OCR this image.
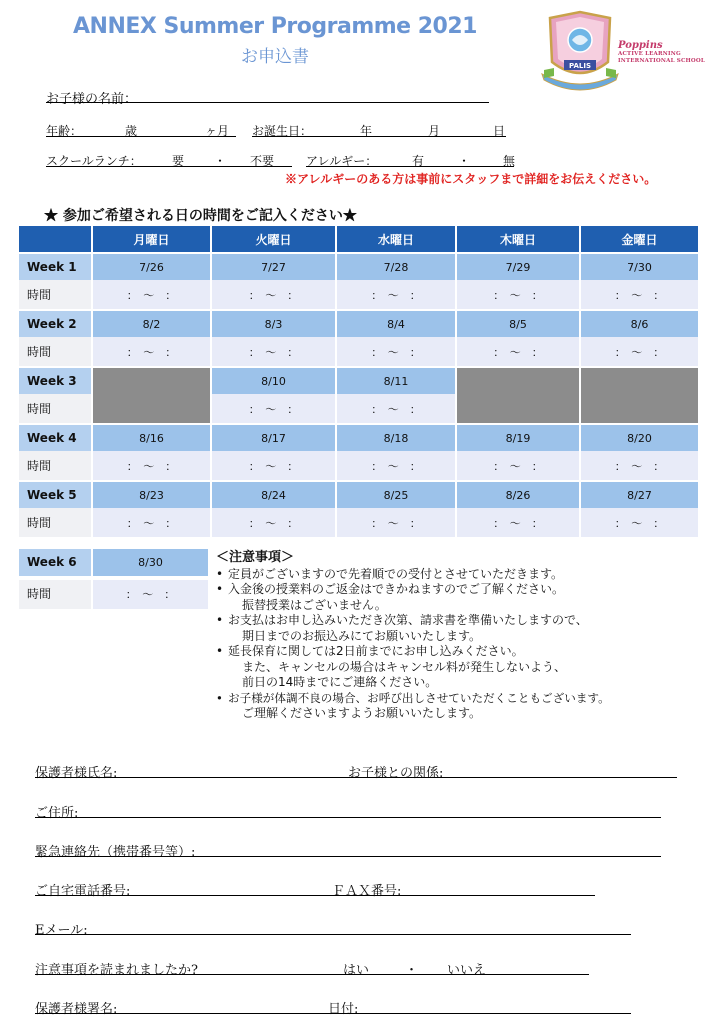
ANNEX Summer Programme 2021
お申込書	PALIS
Poppins
ACTIVE LEARNING
INTERNATIONAL SCHOOL
お子様の名前：
年齢：	歳	ヶ月 お誕生日：	年	月	日
スクールランチ：	要 ・ 不要	アレルギー：	有	・	無
※アレルギーのある方は事前にスタッフまで詳細をお伝えください。
★ 参加ご希望される日の時間をご記入ください★
	月曜日	火曜日	水曜日	木曜日	金曜日

Week 1	7/26	7/27	7/28	7/29	7/30
時間	：　〜　：	：　〜　：	：　〜　：	：　〜　：	：　〜　：

Week 2	8/2	8/3	8/4	8/5	8/6
時間	：　〜　：	：　〜　：	：　〜　：	：　〜　：	：　〜　：

Week 3		8/10	8/11		
時間		：　〜　：	：　〜　：		

Week 4	8/16	8/17	8/18	8/19	8/20
時間	：　〜　：	：　〜　：	：　〜　：	：　〜　：	：　〜　：

Week 5	8/23	8/24	8/25	8/26	8/27
時間	：　〜　：	：　〜　：	：　〜　：	：　〜　：	：　〜　：
Week 6	8/30
時間	：　〜　：
＜注意事項＞
• 定員がございますので先着順での受付とさせていただきます。
• 入金後の授業料のご返金はできかねますのでご了解ください。
振替授業はございません。
• お支払はお申し込みいただき次第、請求書を準備いたしますので、
期日までのお振込みにてお願いいたします。
• 延長保育に関しては2日前までにお申し込みください。
また、キャンセルの場合はキャンセル料が発生しないよう、
前日の14時までにご連絡ください。
• お子様が体調不良の場合、お呼び出しさせていただくこともございます。
ご理解くださいますようお願いいたします。
保護者様氏名:	お子様との関係:
ご住所:
緊急連絡先（携帯番号等）:
ご自宅電話番号:	ＦＡＸ番号:
Eメール:
注意事項を読まれましたか?	はい	・ いいえ
保護者様署名:	日付:
